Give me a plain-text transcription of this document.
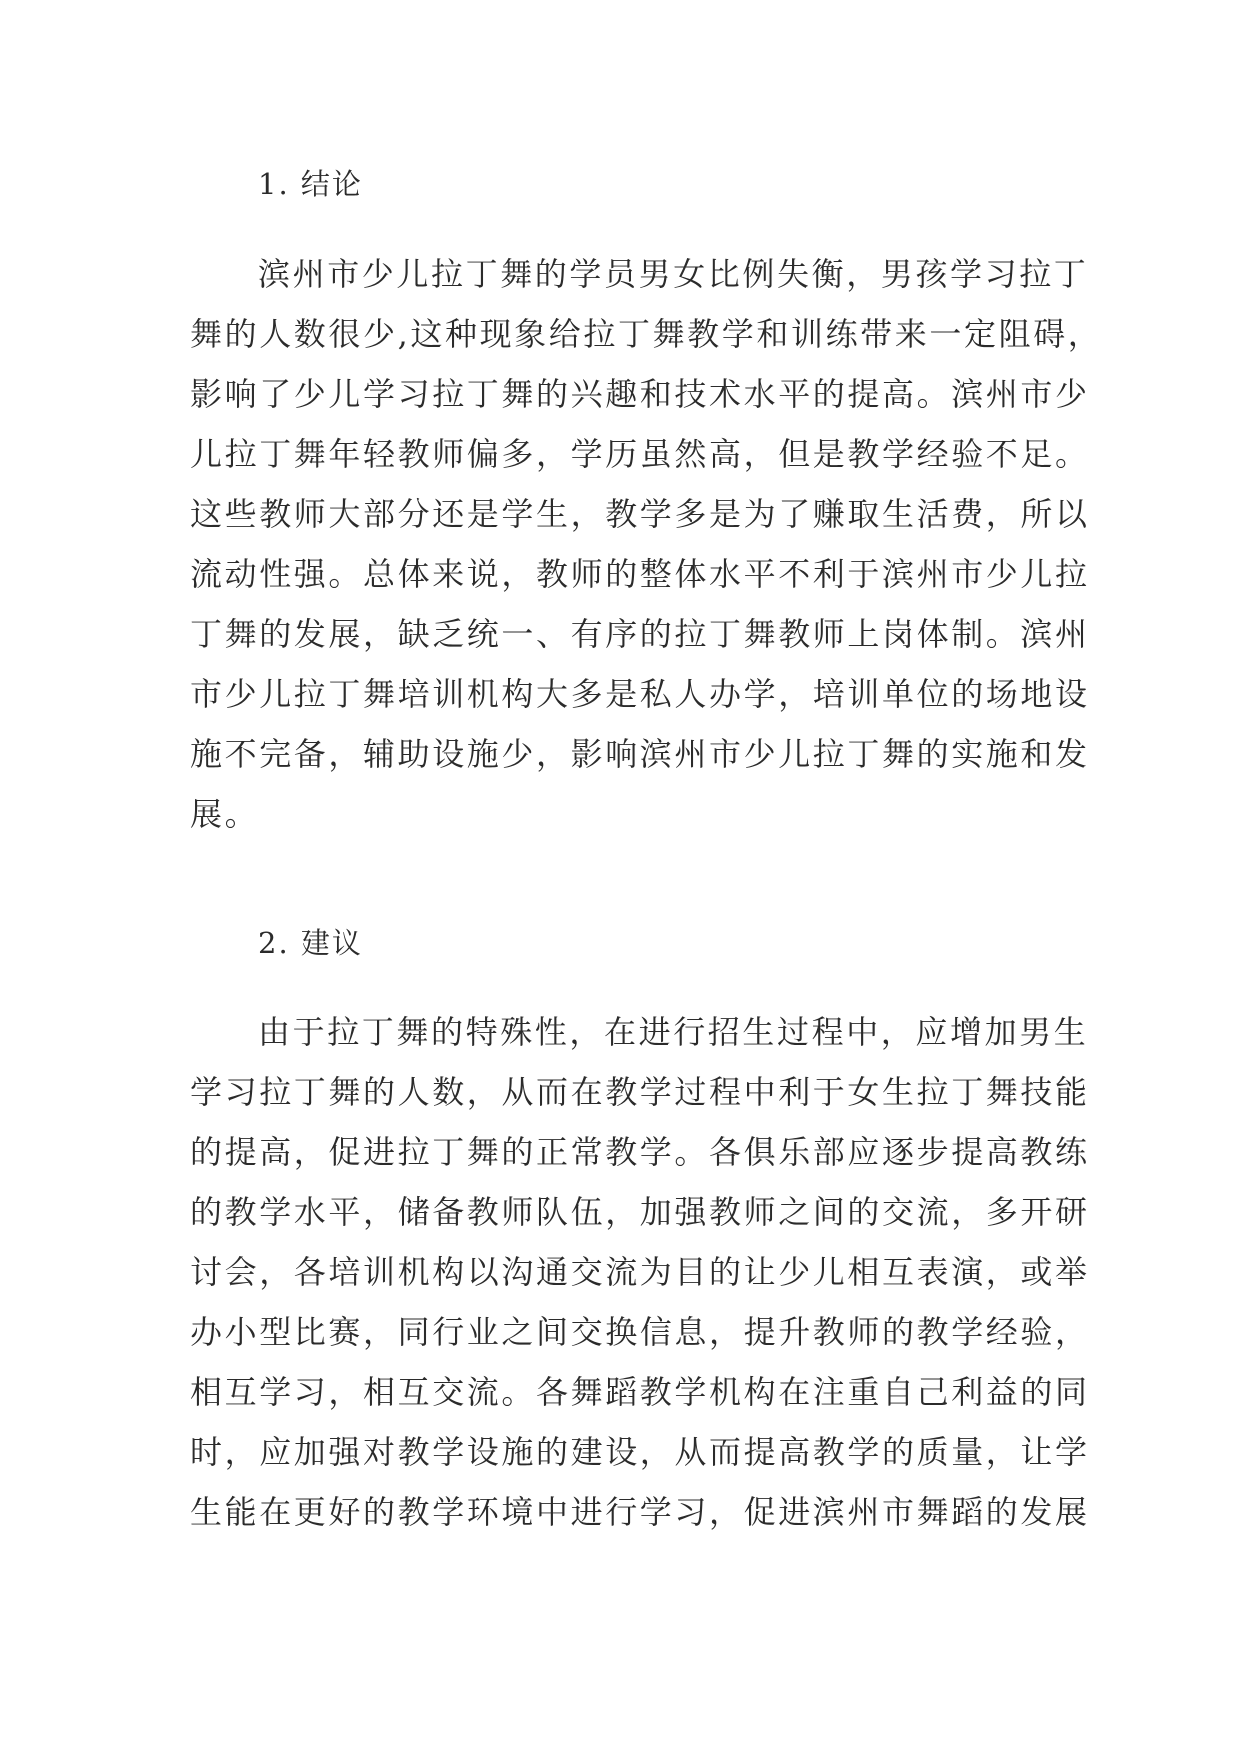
1. 结论
滨州市少儿拉丁舞的学员男女比例失衡，男孩学习拉丁
舞的人数很少,这种现象给拉丁舞教学和训练带来一定阻碍，
影响了少儿学习拉丁舞的兴趣和技术水平的提高。滨州市少
儿拉丁舞年轻教师偏多，学历虽然高，但是教学经验不足。
这些教师大部分还是学生，教学多是为了赚取生活费，所以
流动性强。总体来说，教师的整体水平不利于滨州市少儿拉
丁舞的发展，缺乏统一、有序的拉丁舞教师上岗体制。滨州
市少儿拉丁舞培训机构大多是私人办学，培训单位的场地设
施不完备，辅助设施少，影响滨州市少儿拉丁舞的实施和发
展。
2. 建议
由于拉丁舞的特殊性，在进行招生过程中，应增加男生
学习拉丁舞的人数，从而在教学过程中利于女生拉丁舞技能
的提高，促进拉丁舞的正常教学。各俱乐部应逐步提高教练
的教学水平，储备教师队伍，加强教师之间的交流，多开研
讨会，各培训机构以沟通交流为目的让少儿相互表演，或举
办小型比赛，同行业之间交换信息，提升教师的教学经验，
相互学习，相互交流。各舞蹈教学机构在注重自己利益的同
时，应加强对教学设施的建设，从而提高教学的质量，让学
生能在更好的教学环境中进行学习，促进滨州市舞蹈的发展
